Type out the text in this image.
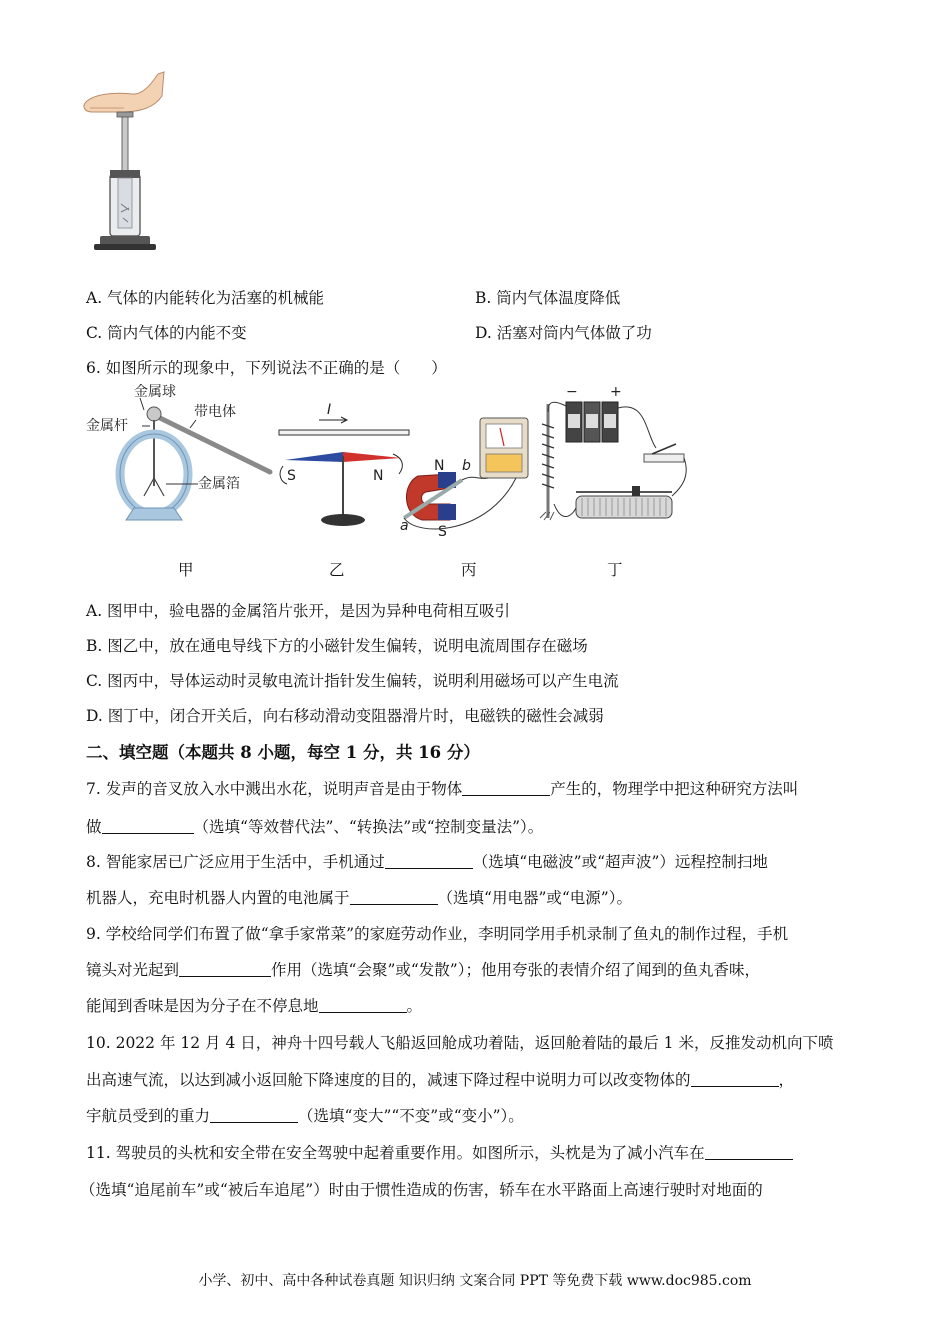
A. 气体的内能转化为活塞的机械能	B. 筒内气体温度降低
C. 筒内气体的内能不变	D. 活塞对筒内气体做了功
6. 如图所示的现象中，下列说法不正确的是（　　）
金属球
金属杆
带电体
金属箔
I
S	N
N
S
a
b
− +
甲	乙	丙	丁
A. 图甲中，验电器的金属箔片张开，是因为异种电荷相互吸引
B. 图乙中，放在通电导线下方的小磁针发生偏转，说明电流周围存在磁场
C. 图丙中，导体运动时灵敏电流计指针发生偏转，说明利用磁场可以产生电流
D. 图丁中，闭合开关后，向右移动滑动变阻器滑片时，电磁铁的磁性会减弱
二、填空题（本题共 8 小题，每空 1 分，共 16 分）
7. 发声的音叉放入水中溅出水花，说明声音是由于物体	产生的，物理学中把这种研究方法叫
做	（选填“等效替代法”、“转换法”或“控制变量法”）。
8. 智能家居已广泛应用于生活中，手机通过	（选填“电磁波”或“超声波”）远程控制扫地
机器人，充电时机器人内置的电池属于	（选填“用电器”或“电源”）。
9. 学校给同学们布置了做“拿手家常菜”的家庭劳动作业，李明同学用手机录制了鱼丸的制作过程，手机
镜头对光起到	作用（选填“会聚”或“发散”）；他用夸张的表情介绍了闻到的鱼丸香味，
能闻到香味是因为分子在不停息地	。
10. 2022 年 12 月 4 日，神舟十四号载人飞船返回舱成功着陆，返回舱着陆的最后 1 米，反推发动机向下喷
出高速气流，以达到减小返回舱下降速度的目的，减速下降过程中说明力可以改变物体的	，
宇航员受到的重力	（选填“变大”“不变”或“变小”）。
11. 驾驶员的头枕和安全带在安全驾驶中起着重要作用。如图所示，头枕是为了减小汽车在
（选填“追尾前车”或“被后车追尾”）时由于惯性造成的伤害，轿车在水平路面上高速行驶时对地面的
小学、初中、高中各种试卷真题 知识归纳 文案合同 PPT 等免费下载 www.doc985.com
